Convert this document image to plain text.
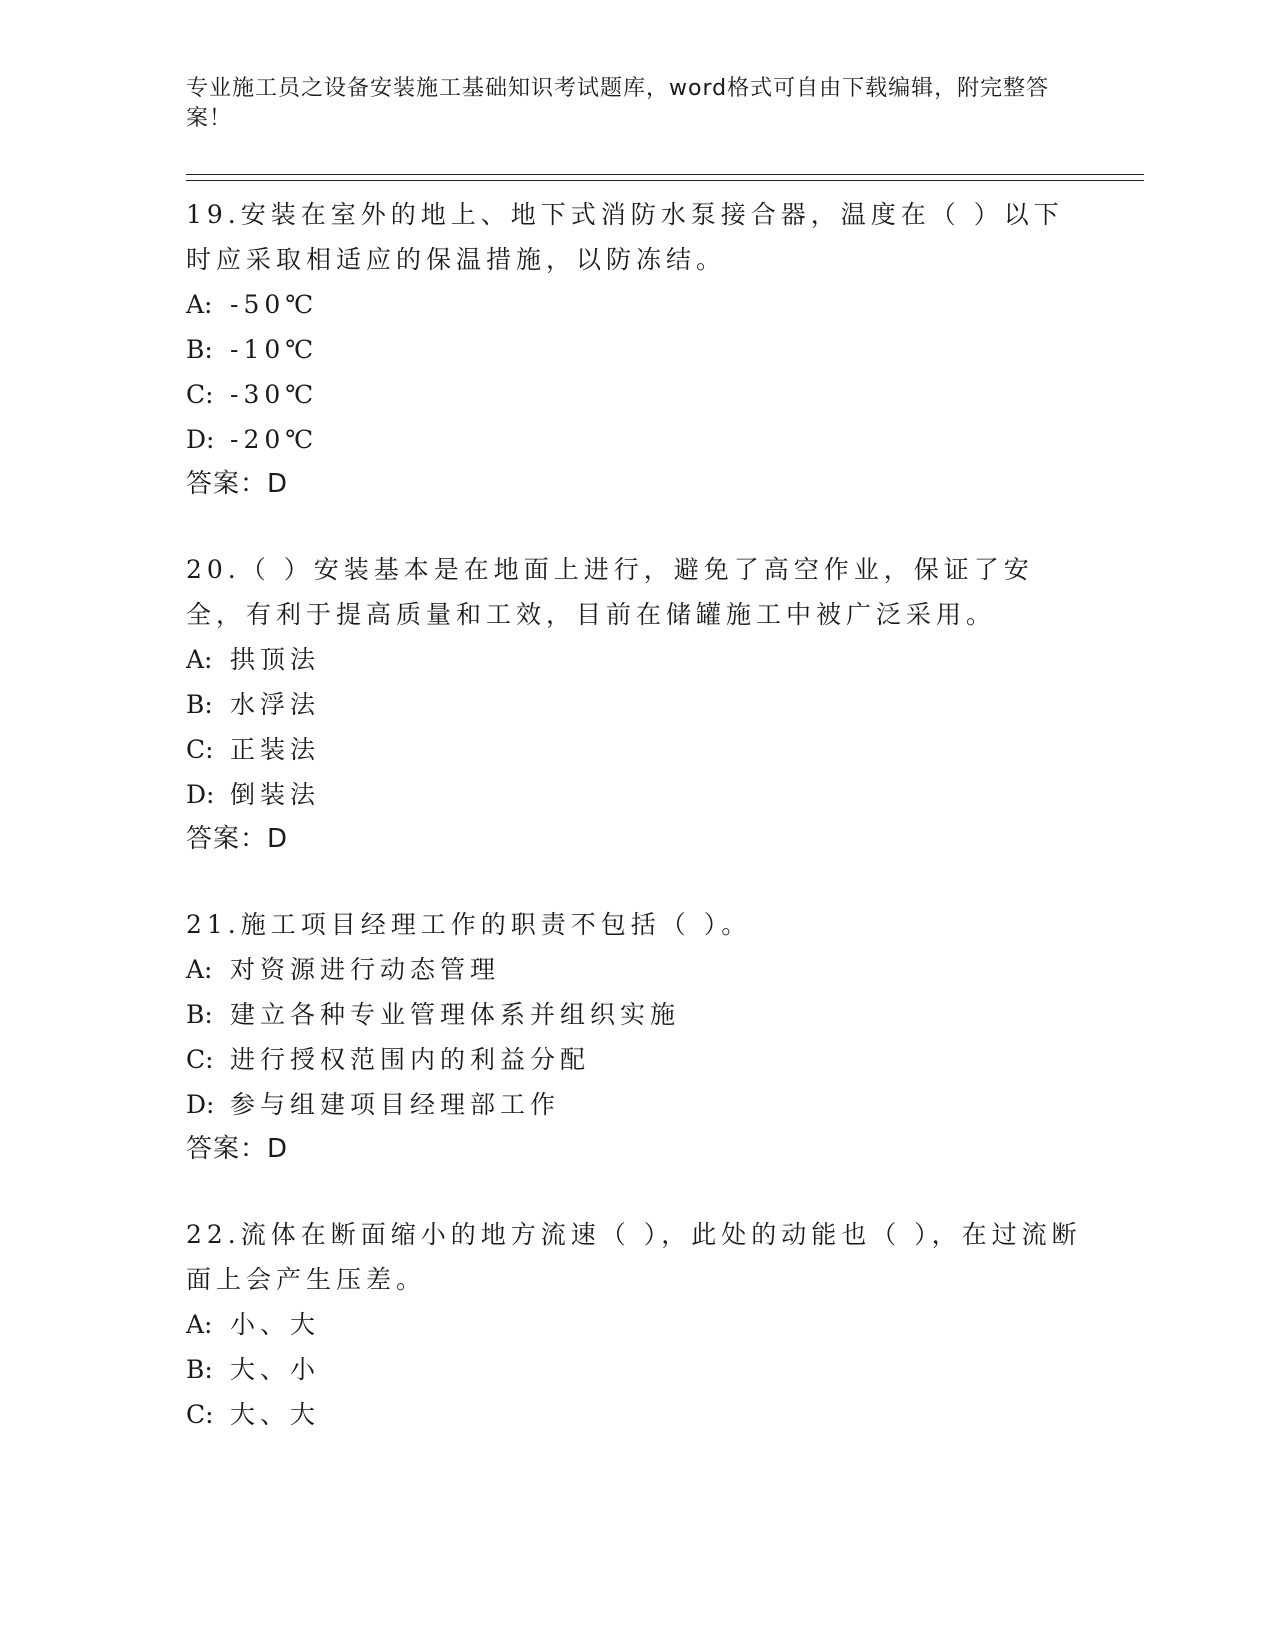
专业施工员之设备安装施工基础知识考试题库，word格式可自由下载编辑，附完整答案！
19.安装在室外的地上、地下式消防水泵接合器，温度在（ ）以下时应采取相适应的保温措施，以防冻结。
A: -50℃
B: -10℃
C: -30℃
D: -20℃
答案：D
20.（ ）安装基本是在地面上进行，避免了高空作业，保证了安全，有利于提高质量和工效，目前在储罐施工中被广泛采用。
A: 拱顶法
B: 水浮法
C: 正装法
D: 倒装法
答案：D
21.施工项目经理工作的职责不包括（ ）。
A: 对资源进行动态管理
B: 建立各种专业管理体系并组织实施
C: 进行授权范围内的利益分配
D: 参与组建项目经理部工作
答案：D
22.流体在断面缩小的地方流速（ ），此处的动能也（ ），在过流断面上会产生压差。
A: 小、大
B: 大、小
C: 大、大
